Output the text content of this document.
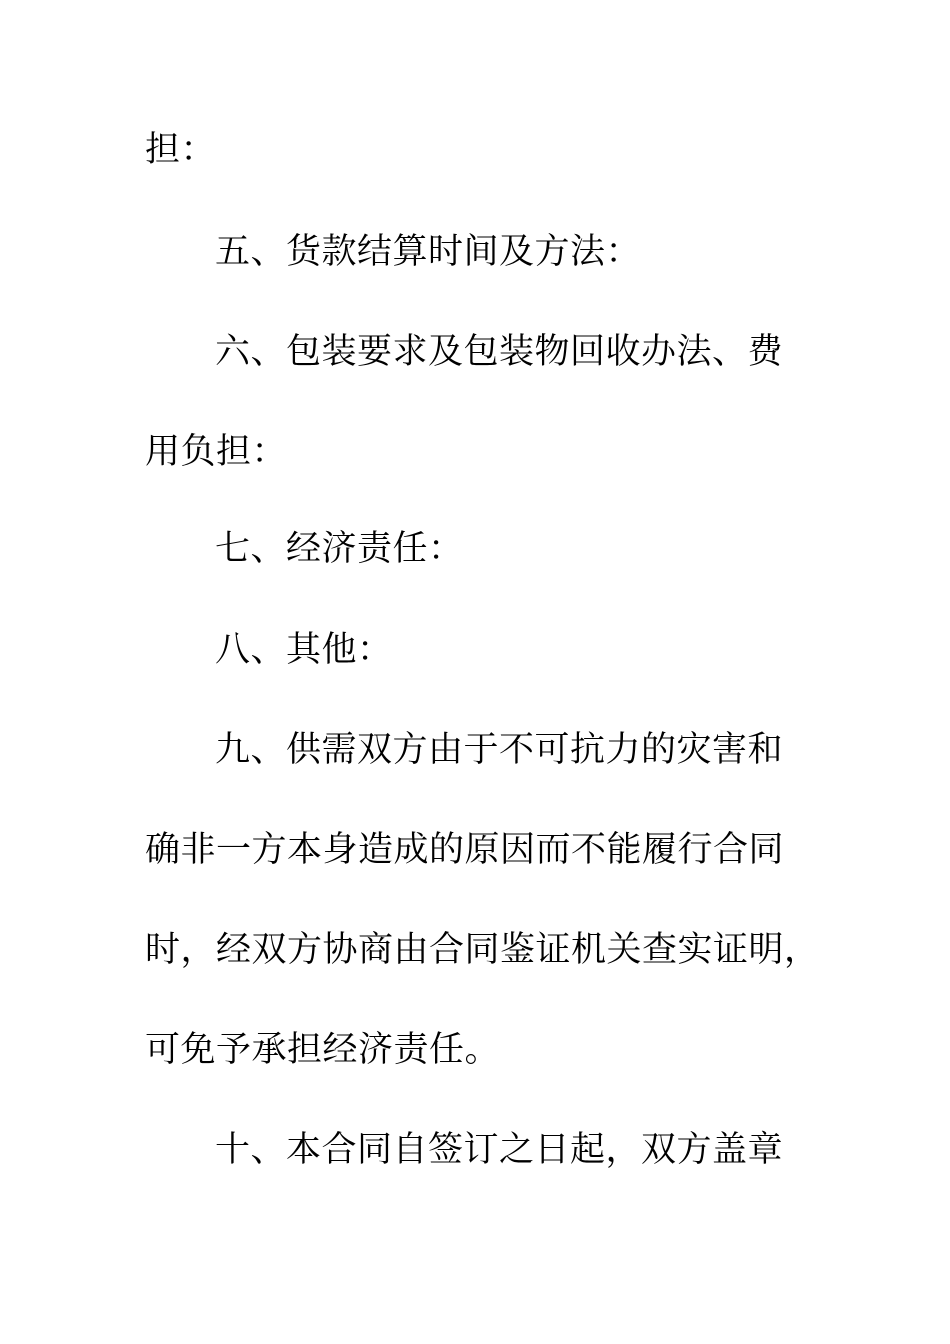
担：
五、货款结算时间及方法：
六、包装要求及包装物回收办法、费
用负担：
七、经济责任：
八、其他：
九、供需双方由于不可抗力的灾害和
确非一方本身造成的原因而不能履行合同
时，经双方协商由合同鉴证机关查实证明，
可免予承担经济责任。
十、本合同自签订之日起，双方盖章
